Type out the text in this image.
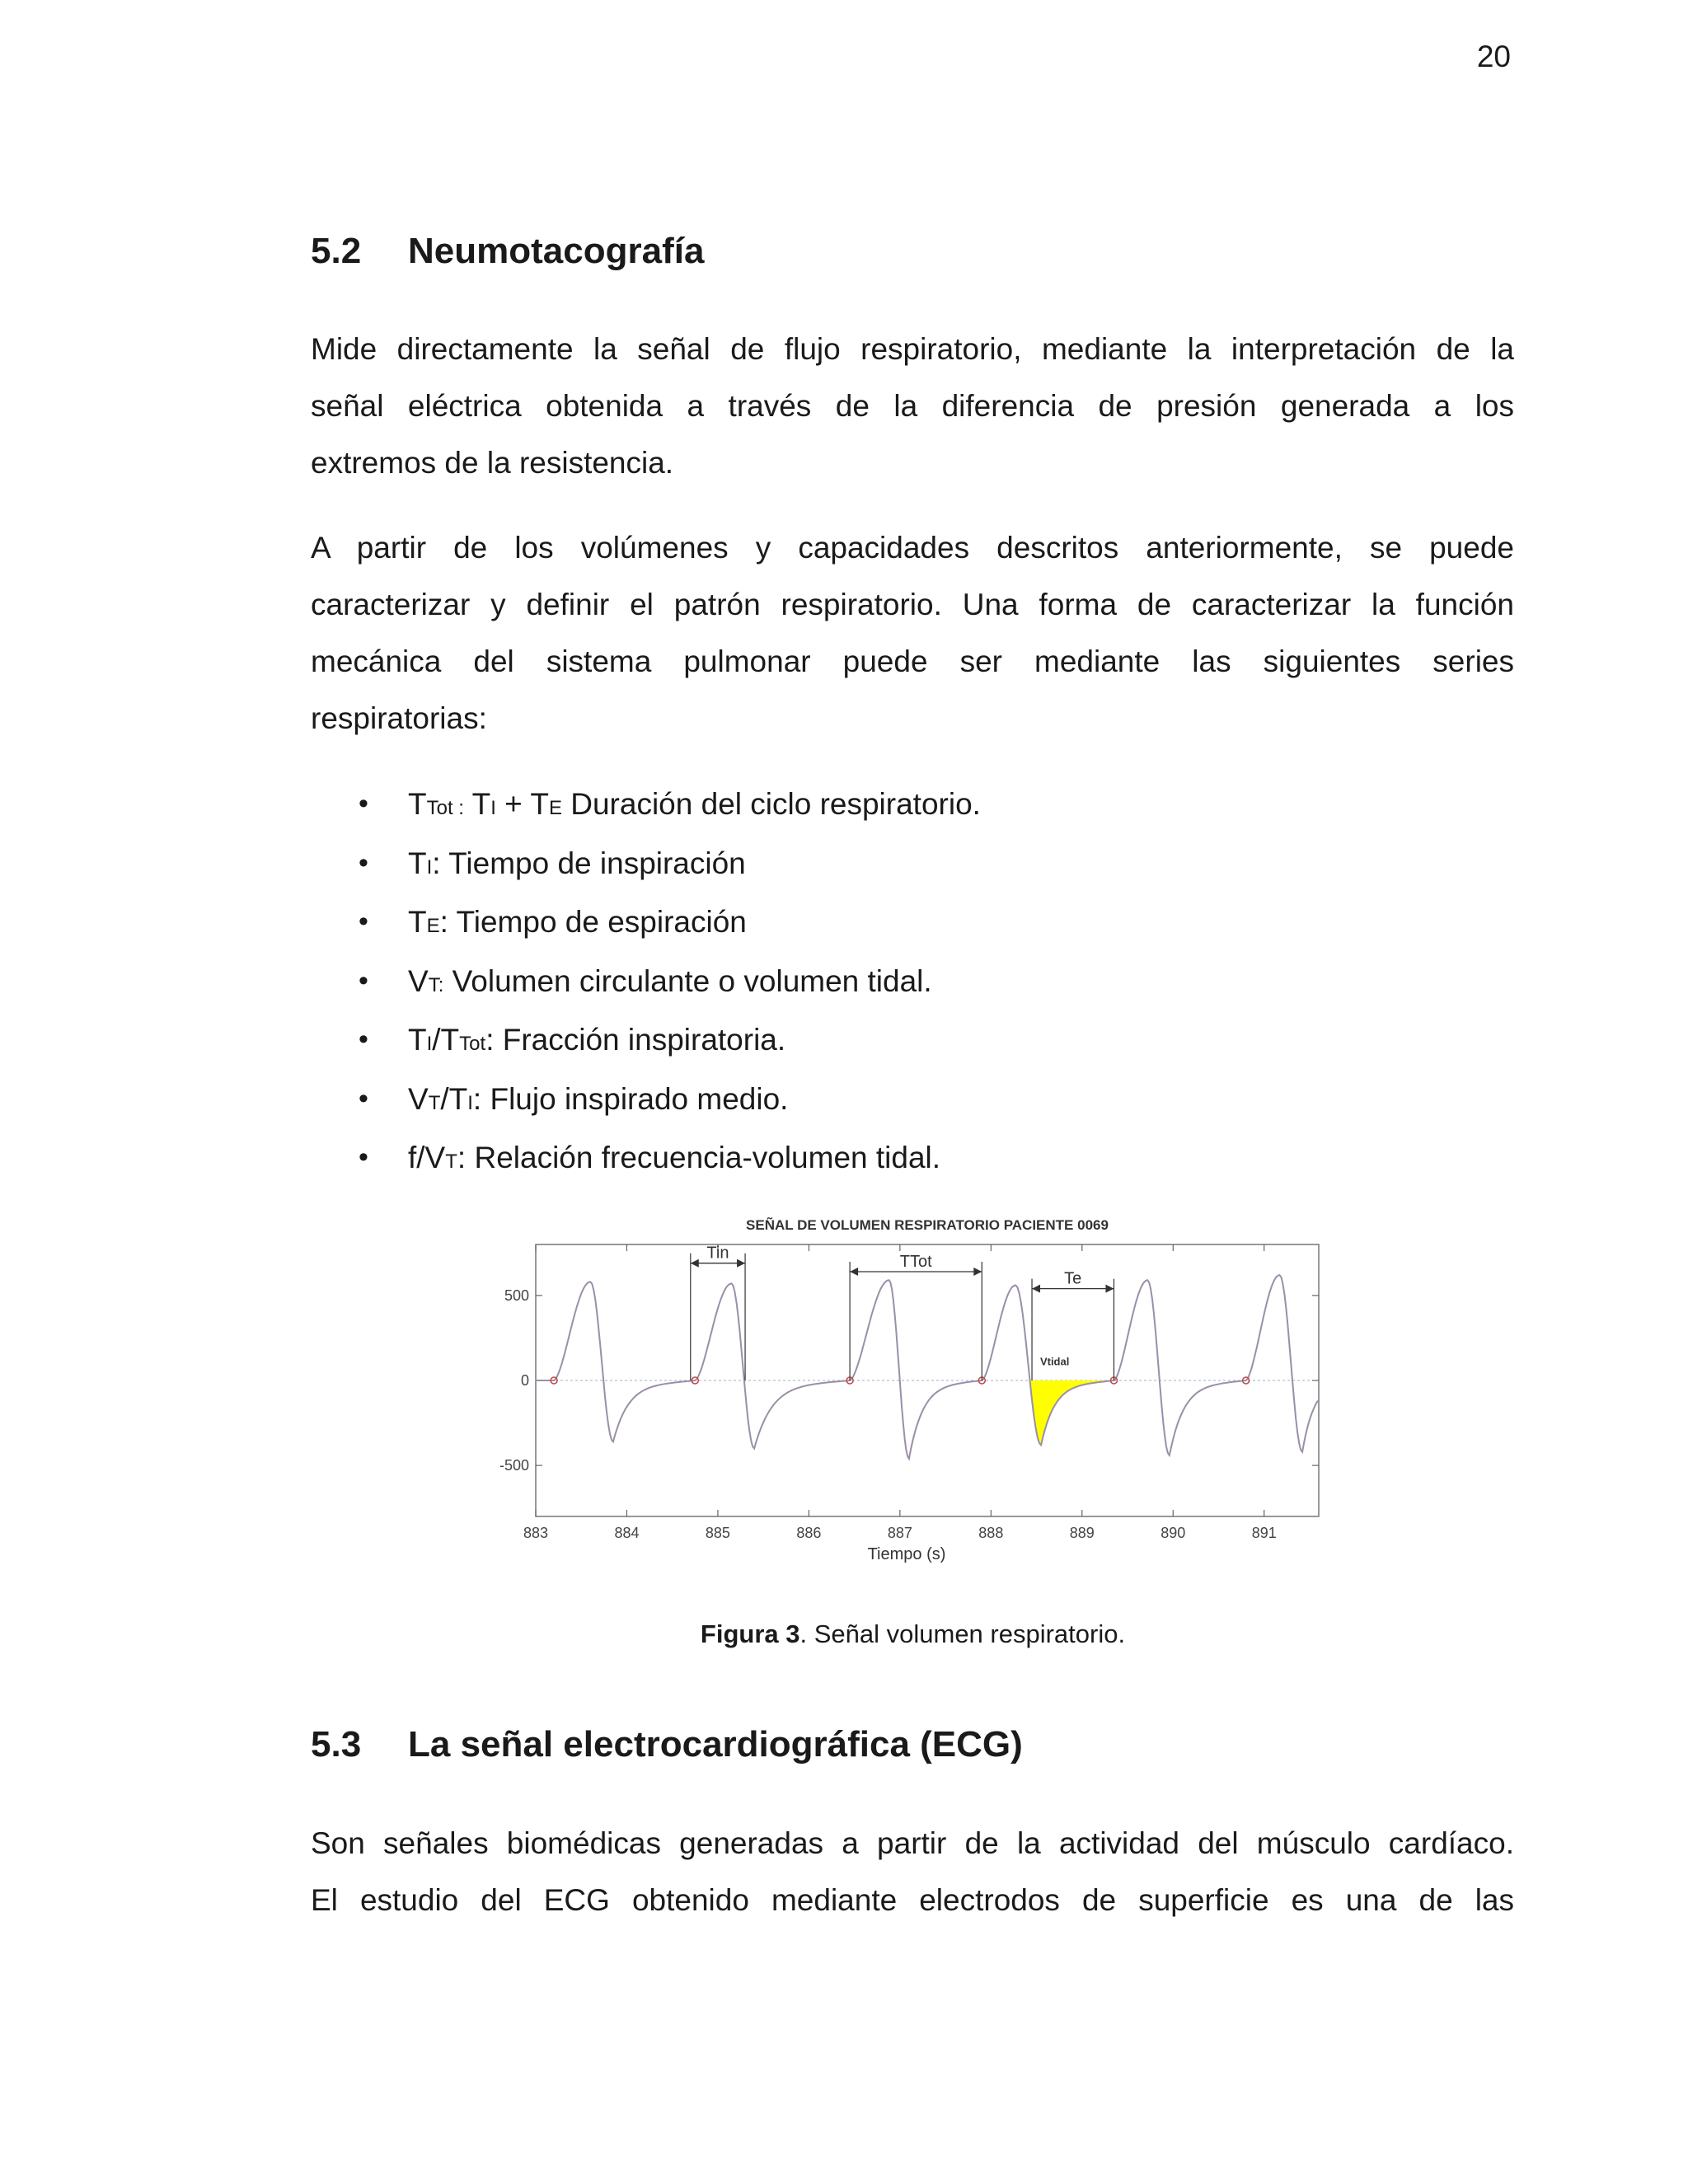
20
5.2 Neumotacografía

Mide directamente la señal de flujo respiratorio, mediante la interpretación de la
señal eléctrica obtenida a través de la diferencia de presión generada a los
extremos de la resistencia.

A partir de los volúmenes y capacidades descritos anteriormente, se puede
caracterizar y definir el patrón respiratorio. Una forma de caracterizar la función
mecánica del sistema pulmonar puede ser mediante las siguientes series
respiratorias:

• TTot : TI + TE Duración del ciclo respiratorio.
• TI: Tiempo de inspiración
• TE: Tiempo de espiración
• VT: Volumen circulante o volumen tidal.
• TI/TTot: Fracción inspiratoria.
• VT/TI: Flujo inspirado medio.
• f/VT: Relación frecuencia-volumen tidal.
SEÑAL DE VOLUMEN RESPIRATORIO PACIENTE 0069
883	884	885	886	887	888	889	890	891
500
0
-500
Tin	TTot
Te
Vtidal
Tiempo (s)
Figura 3. Señal volumen respiratorio.
5.3 La señal electrocardiográfica (ECG)

Son señales biomédicas generadas a partir de la actividad del músculo cardíaco.
El estudio del ECG obtenido mediante electrodos de superficie es una de las
